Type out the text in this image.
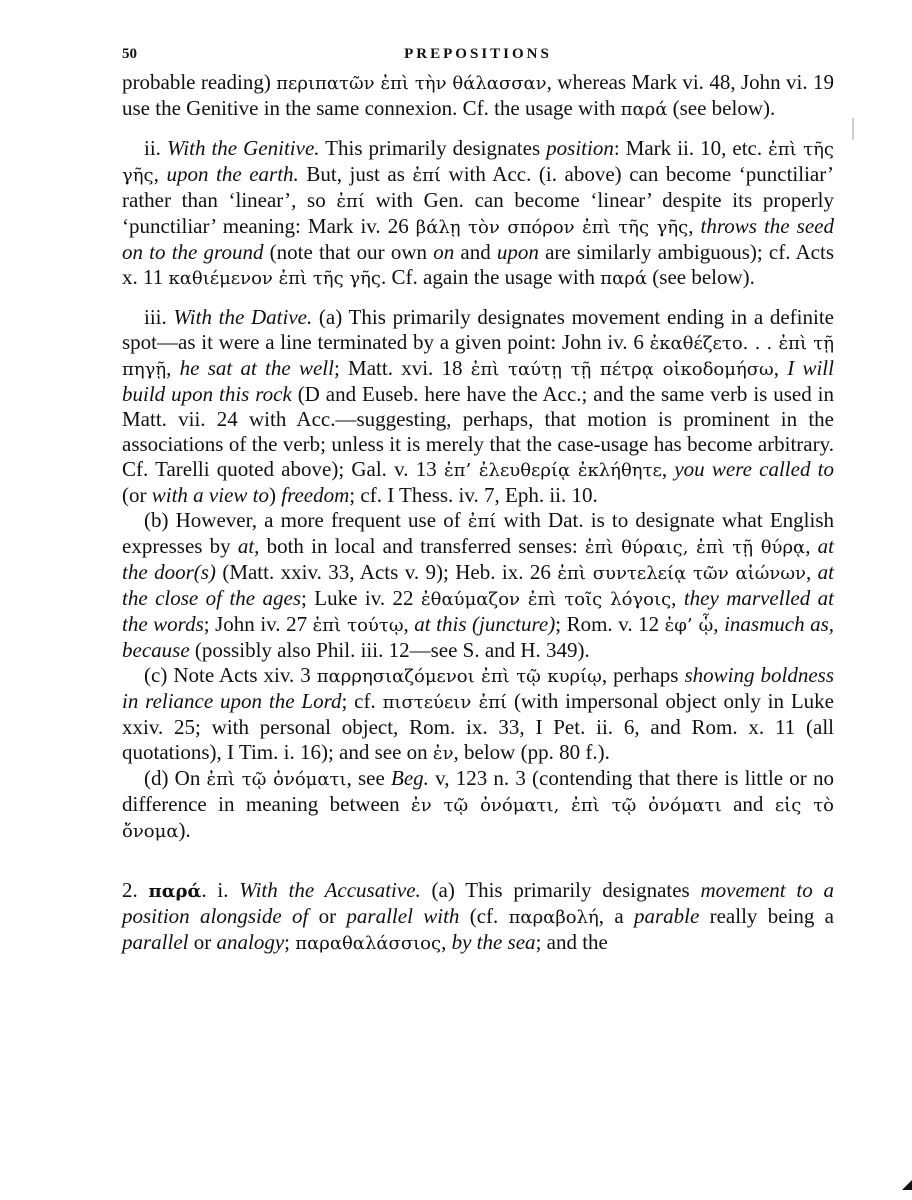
50	PREPOSITIONS

probable reading) περιπατῶν ἐπὶ τὴν θάλασσαν, whereas Mark vi. 48, John vi. 19 use the Genitive in the same connexion. Cf. the usage with παρά (see below).

ii. With the Genitive. This primarily designates position: Mark ii. 10, etc. ἐπὶ τῆς γῆς, upon the earth. But, just as ἐπί with Acc. (i. above) can become ‘punctiliar’ rather than ‘linear’, so ἐπί with Gen. can become ‘linear’ despite its properly ‘punctiliar’ meaning: Mark iv. 26 βάλῃ τὸν σπόρον ἐπὶ τῆς γῆς, throws the seed on to the ground (note that our own on and upon are similarly ambiguous); cf. Acts x. 11 καθιέμενον ἐπὶ τῆς γῆς. Cf. again the usage with παρά (see below).

iii. With the Dative. (a) This primarily designates movement ending in a definite spot—as it were a line terminated by a given point: John iv. 6 ἐκαθέζετο. . . ἐπὶ τῇ πηγῇ, he sat at the well; Matt. xvi. 18 ἐπὶ ταύτῃ τῇ πέτρᾳ οἰκοδομήσω, I will build upon this rock (D and Euseb. here have the Acc.; and the same verb is used in Matt. vii. 24 with Acc.—suggesting, perhaps, that motion is prominent in the associations of the verb; unless it is merely that the case-usage has become arbitrary. Cf. Tarelli quoted above); Gal. v. 13 ἐπ’ ἐλευθερίᾳ ἐκλήθητε, you were called to (or with a view to) freedom; cf. I Thess. iv. 7, Eph. ii. 10.

(b) However, a more frequent use of ἐπί with Dat. is to designate what English expresses by at, both in local and transferred senses: ἐπὶ θύραις, ἐπὶ τῇ θύρᾳ, at the door(s) (Matt. xxiv. 33, Acts v. 9); Heb. ix. 26 ἐπὶ συντελείᾳ τῶν αἰώνων, at the close of the ages; Luke iv. 22 ἐθαύμαζον ἐπὶ τοῖς λόγοις, they marvelled at the words; John iv. 27 ἐπὶ τούτῳ, at this (juncture); Rom. v. 12 ἐφ’ ᾧ, inasmuch as, because (possibly also Phil. iii. 12—see S. and H. 349).

(c) Note Acts xiv. 3 παρρησιαζόμενοι ἐπὶ τῷ κυρίῳ, perhaps showing boldness in reliance upon the Lord; cf. πιστεύειν ἐπί (with impersonal object only in Luke xxiv. 25; with personal object, Rom. ix. 33, I Pet. ii. 6, and Rom. x. 11 (all quotations), I Tim. i. 16); and see on ἐν, below (pp. 80 f.).

(d) On ἐπὶ τῷ ὀνόματι, see Beg. v, 123 n. 3 (contending that there is little or no difference in meaning between ἐν τῷ ὀνόματι, ἐπὶ τῷ ὀνόματι and εἰς τὸ ὄνομα).

2. παρά. i. With the Accusative. (a) This primarily designates movement to a position alongside of or parallel with (cf. παραβολή, a parable really being a parallel or analogy; παραθαλάσσιος, by the sea; and the
